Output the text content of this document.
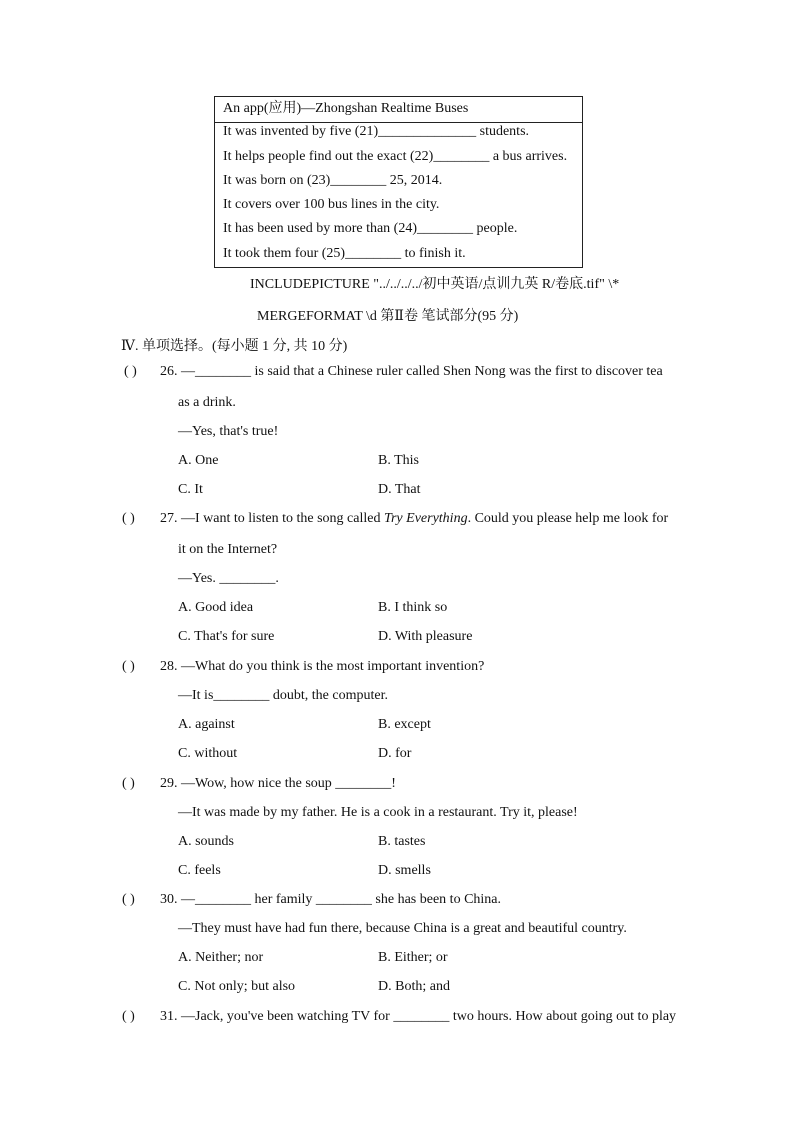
An app(应用)—Zhongshan Realtime Buses
It was invented by five (21)______________ students.
It helps people find out the exact (22)________ a bus arrives.
It was born on (23)________ 25, 2014.
It covers over 100 bus lines in the city.
It has been used by more than (24)________ people.
It took them four (25)________ to finish it.
INCLUDEPICTURE "../../../../初中英语/点训九英 R/卷底.tif" \*
MERGEFORMAT \d 第Ⅱ卷 笔试部分(95 分)
Ⅳ. 单项选择。(每小题 1 分, 共 10 分)
( ) 26. —________ is said that a Chinese ruler called Shen Nong was the first to discover tea
as a drink.
—Yes, that's true!
A. One	B. This
C. It	D. That
( ) 27. —I want to listen to the song called Try Everything. Could you please help me look for
it on the Internet?
—Yes. ________.
A. Good idea	B. I think so
C. That's for sure	D. With pleasure
( ) 28. —What do you think is the most important invention?
—It is________ doubt, the computer.
A. against	B. except
C. without	D. for
( ) 29. —Wow, how nice the soup ________!
—It was made by my father. He is a cook in a restaurant. Try it, please!
A. sounds	B. tastes
C. feels	D. smells
( ) 30. —________ her family ________ she has been to China.
—They must have had fun there, because China is a great and beautiful country.
A. Neither; nor	B. Either; or
C. Not only; but also	D. Both; and
( ) 31. —Jack, you've been watching TV for ________ two hours. How about going out to play
